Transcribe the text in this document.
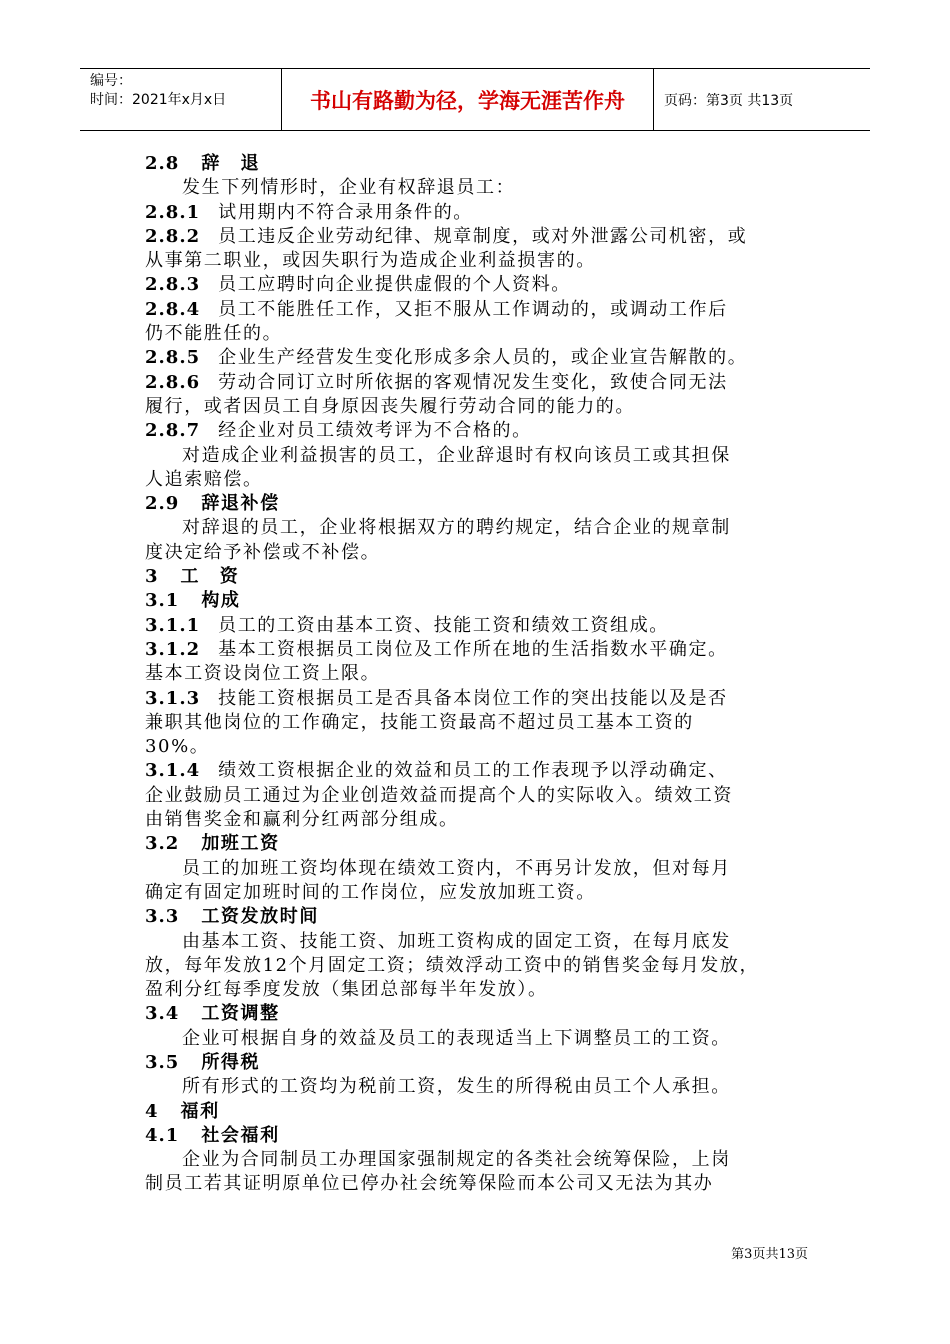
编号：
时间：2021年x月x日	书山有路勤为径，学海无涯苦作舟	页码：第3页 共13页
2.8 辞　退
发生下列情形时，企业有权辞退员工：
2.8.1 试用期内不符合录用条件的。
2.8.2 员工违反企业劳动纪律、规章制度，或对外泄露公司机密，或
从事第二职业，或因失职行为造成企业利益损害的。
2.8.3 员工应聘时向企业提供虚假的个人资料。
2.8.4 员工不能胜任工作，又拒不服从工作调动的，或调动工作后
仍不能胜任的。
2.8.5 企业生产经营发生变化形成多余人员的，或企业宣告解散的。
2.8.6 劳动合同订立时所依据的客观情况发生变化，致使合同无法
履行，或者因员工自身原因丧失履行劳动合同的能力的。
2.8.7 经企业对员工绩效考评为不合格的。
对造成企业利益损害的员工，企业辞退时有权向该员工或其担保
人追索赔偿。
2.9 辞退补偿
对辞退的员工，企业将根据双方的聘约规定，结合企业的规章制
度决定给予补偿或不补偿。
3 工　资
3.1 构成
3.1.1 员工的工资由基本工资、技能工资和绩效工资组成。
3.1.2 基本工资根据员工岗位及工作所在地的生活指数水平确定。
基本工资设岗位工资上限。
3.1.3 技能工资根据员工是否具备本岗位工作的突出技能以及是否
兼职其他岗位的工作确定，技能工资最高不超过员工基本工资的
30%。
3.1.4 绩效工资根据企业的效益和员工的工作表现予以浮动确定、
企业鼓励员工通过为企业创造效益而提高个人的实际收入。绩效工资
由销售奖金和赢利分红两部分组成。
3.2 加班工资
员工的加班工资均体现在绩效工资内，不再另计发放，但对每月
确定有固定加班时间的工作岗位，应发放加班工资。
3.3 工资发放时间
由基本工资、技能工资、加班工资构成的固定工资，在每月底发
放，每年发放12个月固定工资；绩效浮动工资中的销售奖金每月发放，
盈利分红每季度发放（集团总部每半年发放）。
3.4 工资调整
企业可根据自身的效益及员工的表现适当上下调整员工的工资。
3.5 所得税
所有形式的工资均为税前工资，发生的所得税由员工个人承担。
4 福利
4.1 社会福利
企业为合同制员工办理国家强制规定的各类社会统筹保险，上岗
制员工若其证明原单位已停办社会统筹保险而本公司又无法为其办
第3页共13页
